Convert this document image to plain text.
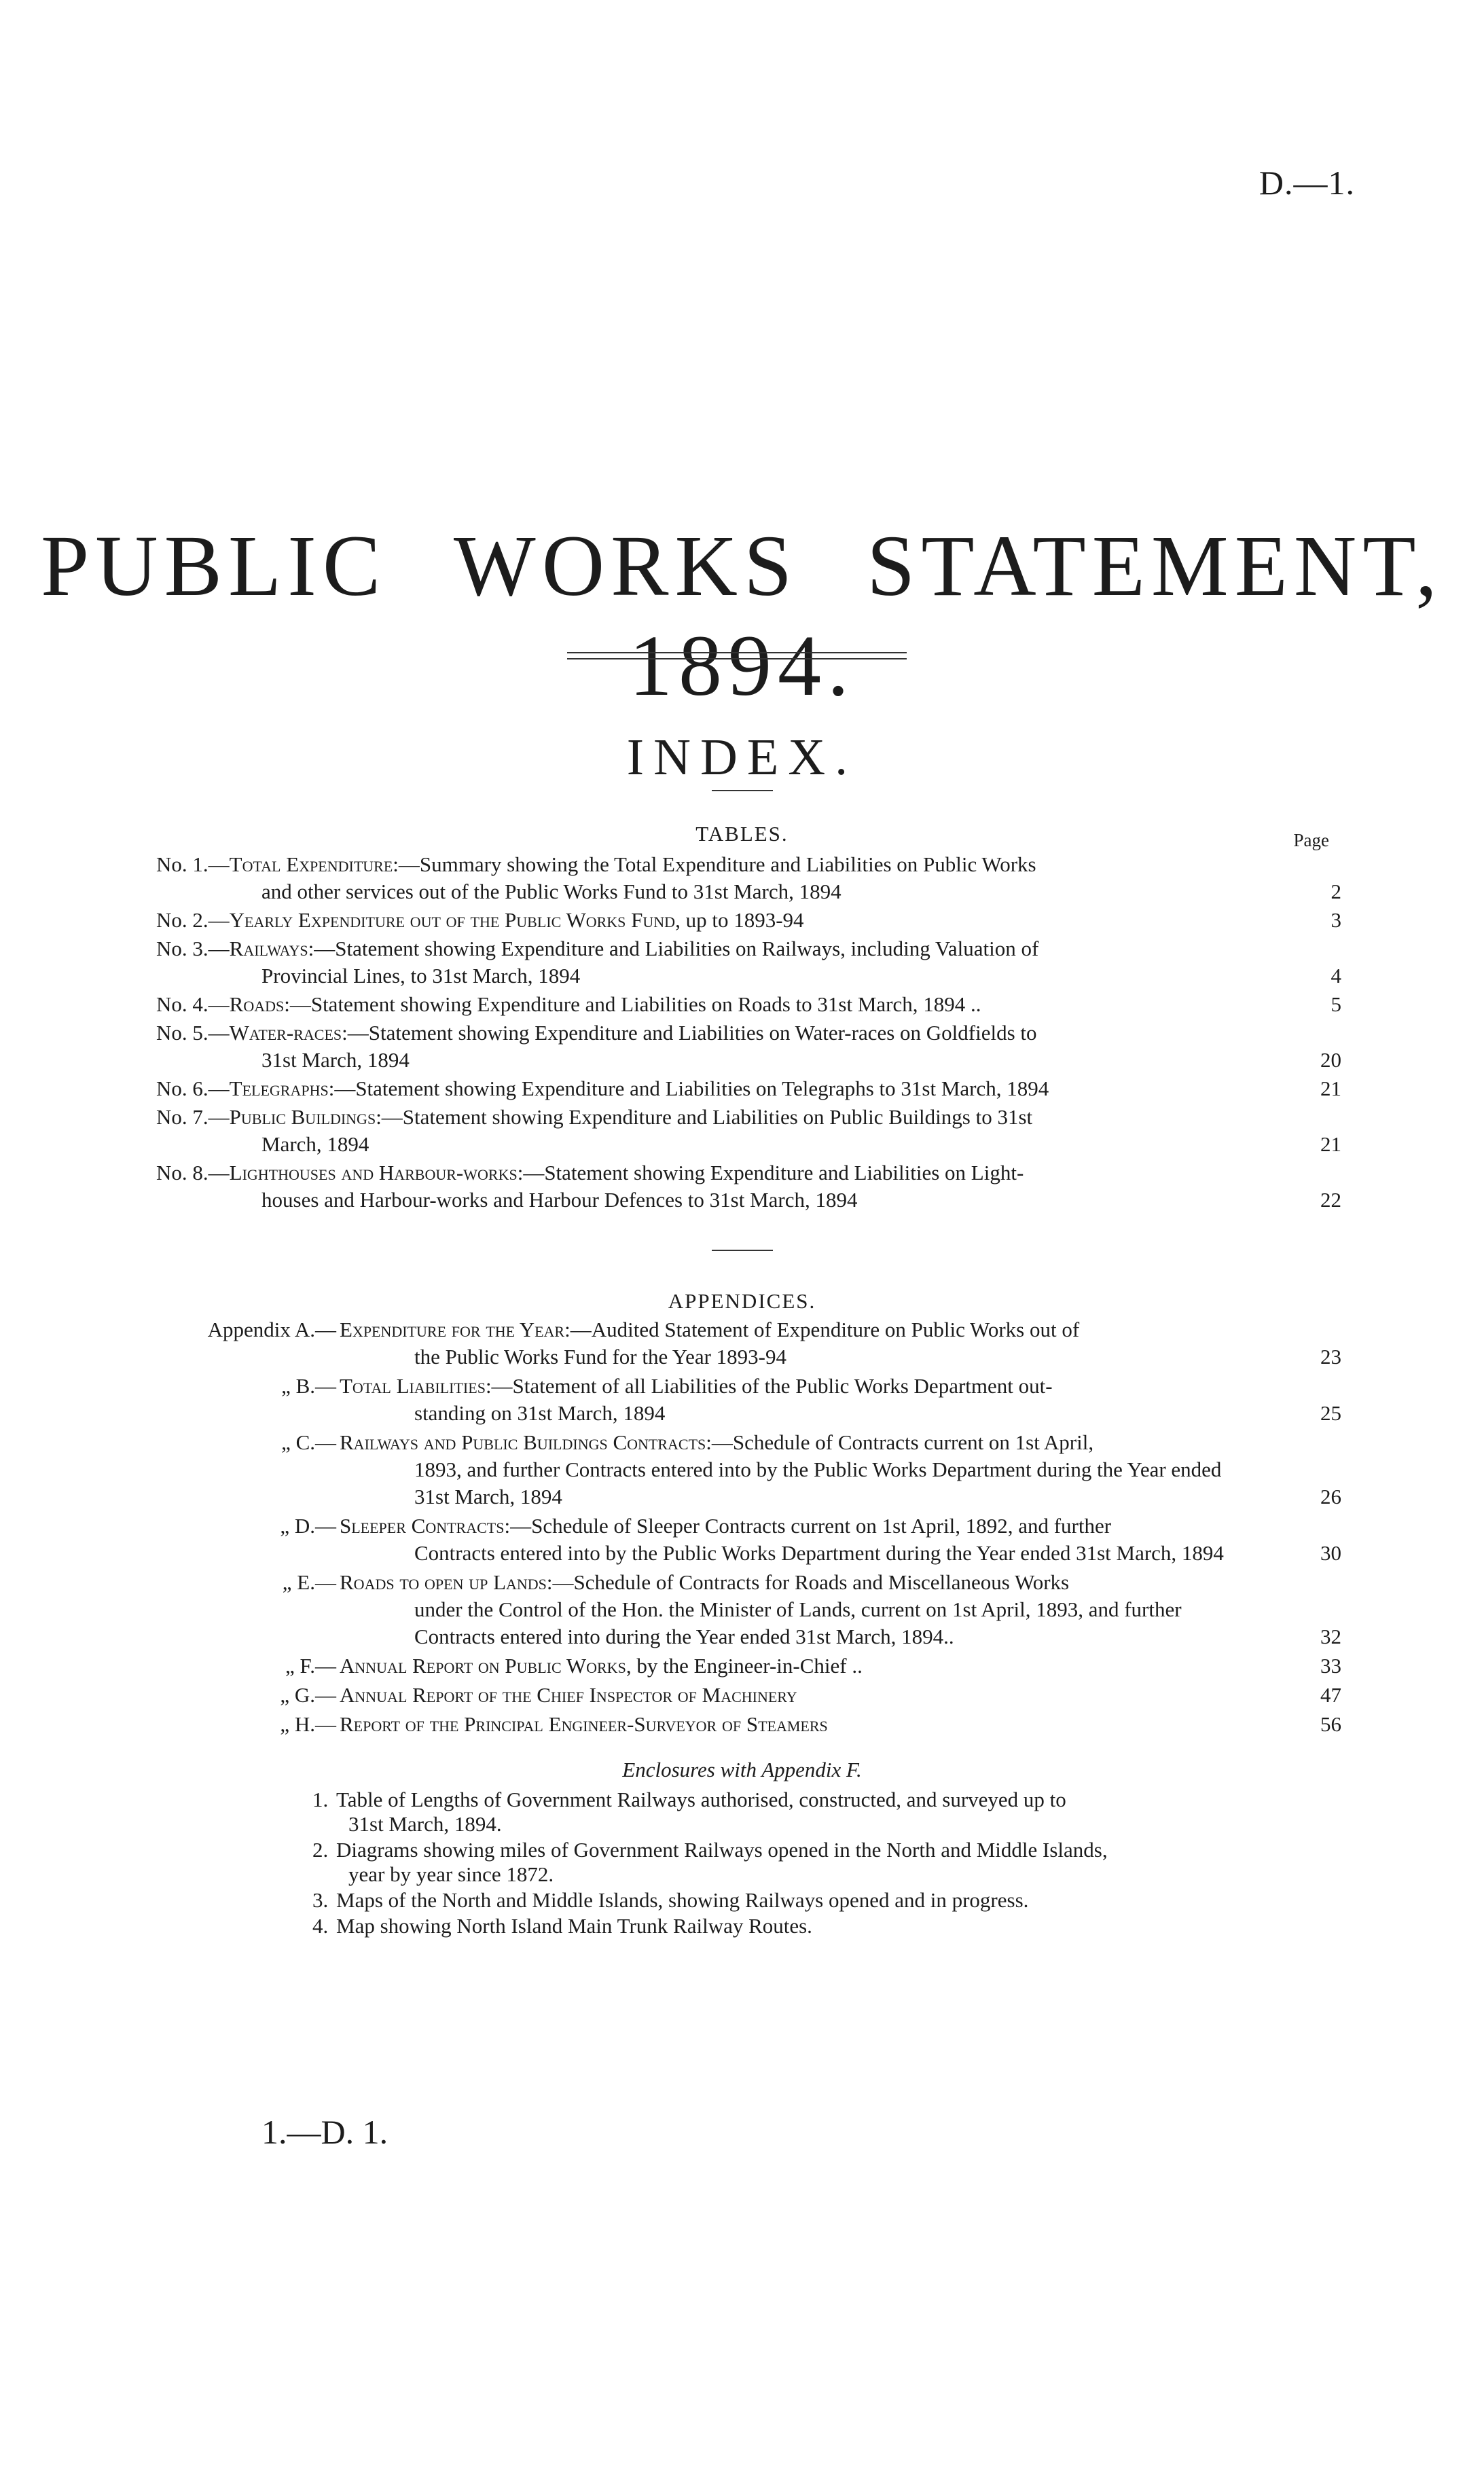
D.—1.
PUBLIC WORKS STATEMENT, 1894.
INDEX.
TABLES.	Page
No. 1.—Total Expenditure:—Summary showing the Total Expenditure and Liabilities on Public Works
and other services out of the Public Works Fund to 31st March, 1894	2
No. 2.—Yearly Expenditure out of the Public Works Fund, up to 1893-94	3
No. 3.—Railways:—Statement showing Expenditure and Liabilities on Railways, including Valuation of
Provincial Lines, to 31st March, 1894	4
No. 4.—Roads:—Statement showing Expenditure and Liabilities on Roads to 31st March, 1894 ..	5
No. 5.—Water-races:—Statement showing Expenditure and Liabilities on Water-races on Goldfields to
31st March, 1894	20
No. 6.—Telegraphs:—Statement showing Expenditure and Liabilities on Telegraphs to 31st March, 1894	21
No. 7.—Public Buildings:—Statement showing Expenditure and Liabilities on Public Buildings to 31st
March, 1894	21
No. 8.—Lighthouses and Harbour-works:—Statement showing Expenditure and Liabilities on Light-
houses and Harbour-works and Harbour Defences to 31st March, 1894	22
APPENDICES.
Appendix A.— Expenditure for the Year:—Audited Statement of Expenditure on Public Works out of
the Public Works Fund for the Year 1893-94	23
„ B.— Total Liabilities:—Statement of all Liabilities of the Public Works Department out-
standing on 31st March, 1894	25
„ C.— Railways and Public Buildings Contracts:—Schedule of Contracts current on 1st April,
1893, and further Contracts entered into by the Public Works Department during the Year ended 31st March, 1894	26
„ D.— Sleeper Contracts:—Schedule of Sleeper Contracts current on 1st April, 1892, and further
Contracts entered into by the Public Works Department during the Year ended 31st March, 1894	30
„ E.— Roads to open up Lands:—Schedule of Contracts for Roads and Miscellaneous Works
under the Control of the Hon. the Minister of Lands, current on 1st April, 1893, and further Contracts entered into during the Year ended 31st March, 1894..	32
„ F.— Annual Report on Public Works, by the Engineer-in-Chief ..	33
„ G.— Annual Report of the Chief Inspector of Machinery	47
„ H.— Report of the Principal Engineer-Surveyor of Steamers	56
Enclosures with Appendix F.
1. Table of Lengths of Government Railways authorised, constructed, and surveyed up to
31st March, 1894.
2. Diagrams showing miles of Government Railways opened in the North and Middle Islands,
year by year since 1872.
3. Maps of the North and Middle Islands, showing Railways opened and in progress.
4. Map showing North Island Main Trunk Railway Routes.
1.—D. 1.
